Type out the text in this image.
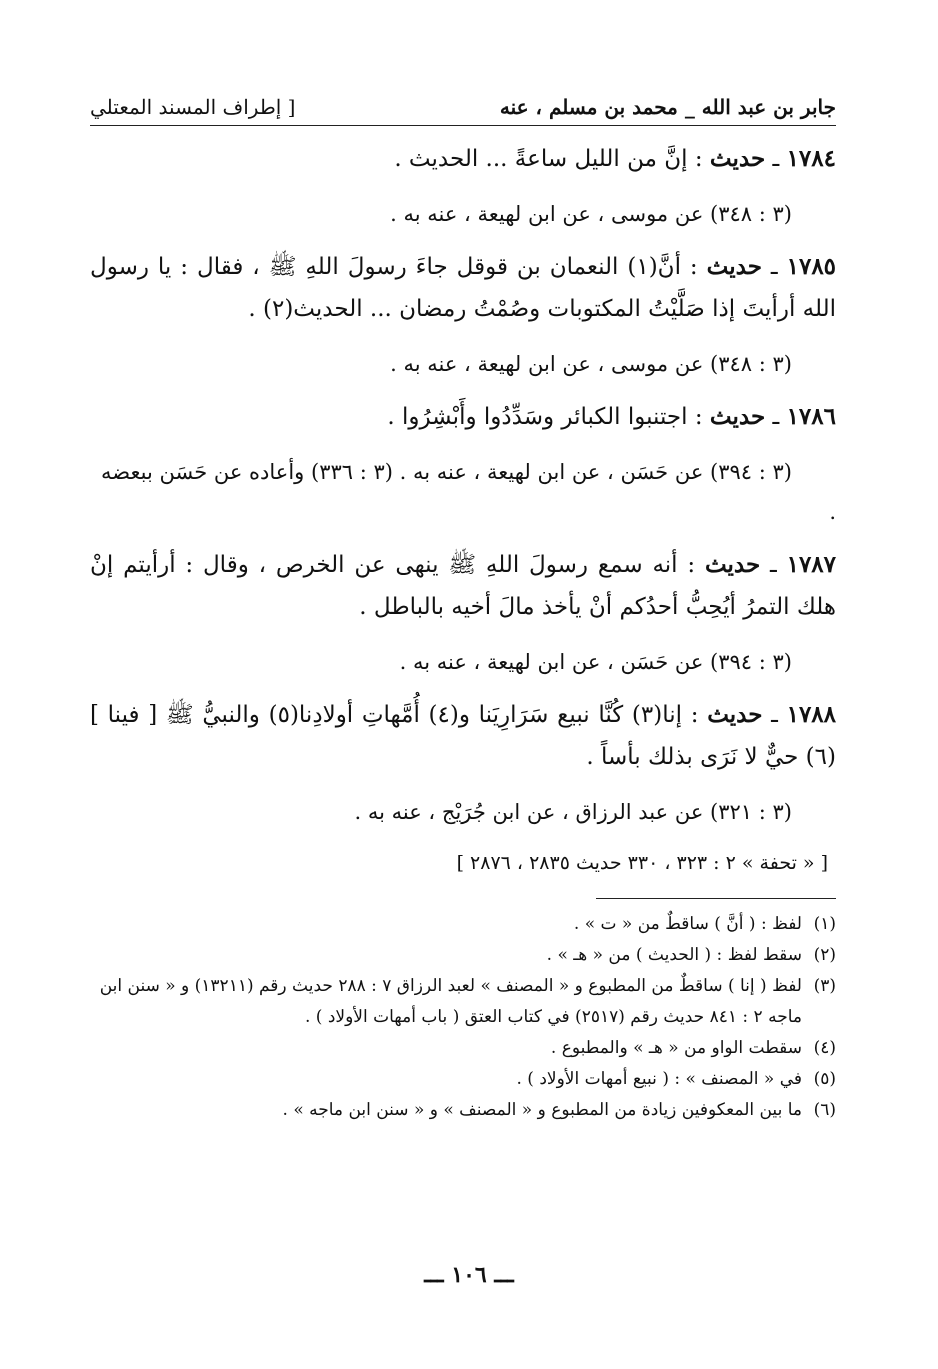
جابر بن عبد الله _ محمد بن مسلم ، عنه
[ إطراف المسند المعتلي
١٧٨٤ ـ حديث : إنَّ من الليل ساعةً ... الحديث .
(٣ : ٣٤٨) عن موسى ، عن ابن لهيعة ، عنه به .
١٧٨٥ ـ حديث : أنَّ(١) النعمان بن قوقل جاءَ رسولَ اللهِ ﷺ ، فقال : يا رسول الله أرأيتَ إذا صَلَّيْتُ المكتوبات وصُمْتُ رمضان ... الحديث(٢) .
(٣ : ٣٤٨) عن موسى ، عن ابن لهيعة ، عنه به .
١٧٨٦ ـ حديث : اجتنبوا الكبائر وسَدِّدُوا وأَبْشِرُوا .
(٣ : ٣٩٤) عن حَسَن ، عن ابن لهيعة ، عنه به . (٣ : ٣٣٦) وأعاده عن حَسَن ببعضه .
١٧٨٧ ـ حديث : أنه سمع رسولَ اللهِ ﷺ ينهى عن الخرص ، وقال : أرأيتم إنْ هلك التمرُ أيُحِبُّ أحدُكم أنْ يأخذ مالَ أخيه بالباطل .
(٣ : ٣٩٤) عن حَسَن ، عن ابن لهيعة ، عنه به .
١٧٨٨ ـ حديث : إنا(٣) كُنَّا نبيع سَرَارِيَنا و(٤) أُمَّهاتِ أولادِنا(٥) والنبيُّ ﷺ [ فينا ](٦) حيٌّ لا نَرَى بذلك بأساً .
(٣ : ٣٢١) عن عبد الرزاق ، عن ابن جُرَيْج ، عنه به .
[ « تحفة » ٢ : ٣٢٣ ، ٣٣٠ حديث ٢٨٣٥ ، ٢٨٧٦ ]
(١)
لفظ : ( أنَّ ) ساقطٌ من « ت » .
(٢)
سقط لفظ : ( الحديث ) من « هـ » .
(٣)
لفظ ( إنا ) ساقطٌ من المطبوع و « المصنف » لعبد الرزاق ٧ : ٢٨٨ حديث رقم (١٣٢١١) و « سنن ابن ماجه ٢ : ٨٤١ حديث رقم (٢٥١٧) في كتاب العتق ( باب أمهات الأولاد ) .
(٤)
سقطت الواو من « هـ » والمطبوع .
(٥)
في « المصنف » : ( نبيع أمهات الأولاد ) .
(٦)
ما بين المعكوفين زيادة من المطبوع و « المصنف » و « سنن ابن ماجه » .
ـــ ١٠٦ ـــ
